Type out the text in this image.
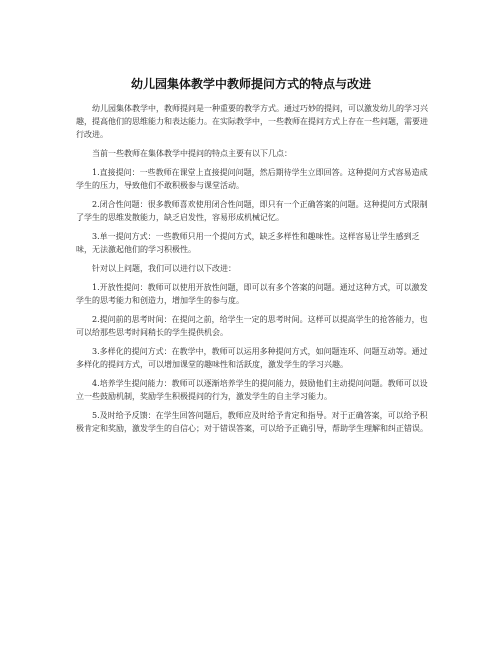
幼儿园集体教学中教师提问方式的特点与改进

幼儿园集体教学中，教师提问是一种重要的教学方式。通过巧妙的提问，可以激发幼儿的学习兴趣，提高他们的思维能力和表达能力。在实际教学中，一些教师在提问方式上存在一些问题，需要进行改进。

当前一些教师在集体教学中提问的特点主要有以下几点：

1.直接提问：一些教师在课堂上直接提问问题，然后期待学生立即回答。这种提问方式容易造成学生的压力，导致他们不敢积极参与课堂活动。

2.闭合性问题：很多教师喜欢使用闭合性问题，即只有一个正确答案的问题。这种提问方式限制了学生的思维发散能力，缺乏启发性，容易形成机械记忆。

3.单一提问方式：一些教师只用一个提问方式，缺乏多样性和趣味性。这样容易让学生感到乏味，无法激起他们的学习积极性。

针对以上问题，我们可以进行以下改进：

1.开放性提问：教师可以使用开放性问题，即可以有多个答案的问题。通过这种方式，可以激发学生的思考能力和创造力，增加学生的参与度。

2.提问前的思考时间：在提问之前，给学生一定的思考时间。这样可以提高学生的抢答能力，也可以给那些思考时间稍长的学生提供机会。

3.多样化的提问方式：在教学中，教师可以运用多种提问方式，如问题连环、问题互动等。通过多样化的提问方式，可以增加课堂的趣味性和活跃度，激发学生的学习兴趣。

4.培养学生提问能力：教师可以逐渐培养学生的提问能力，鼓励他们主动提问问题。教师可以设立一些鼓励机制，奖励学生积极提问的行为，激发学生的自主学习能力。

5.及时给予反馈：在学生回答问题后，教师应及时给予肯定和指导。对于正确答案，可以给予积极肯定和奖励，激发学生的自信心；对于错误答案，可以给予正确引导，帮助学生理解和纠正错误。
